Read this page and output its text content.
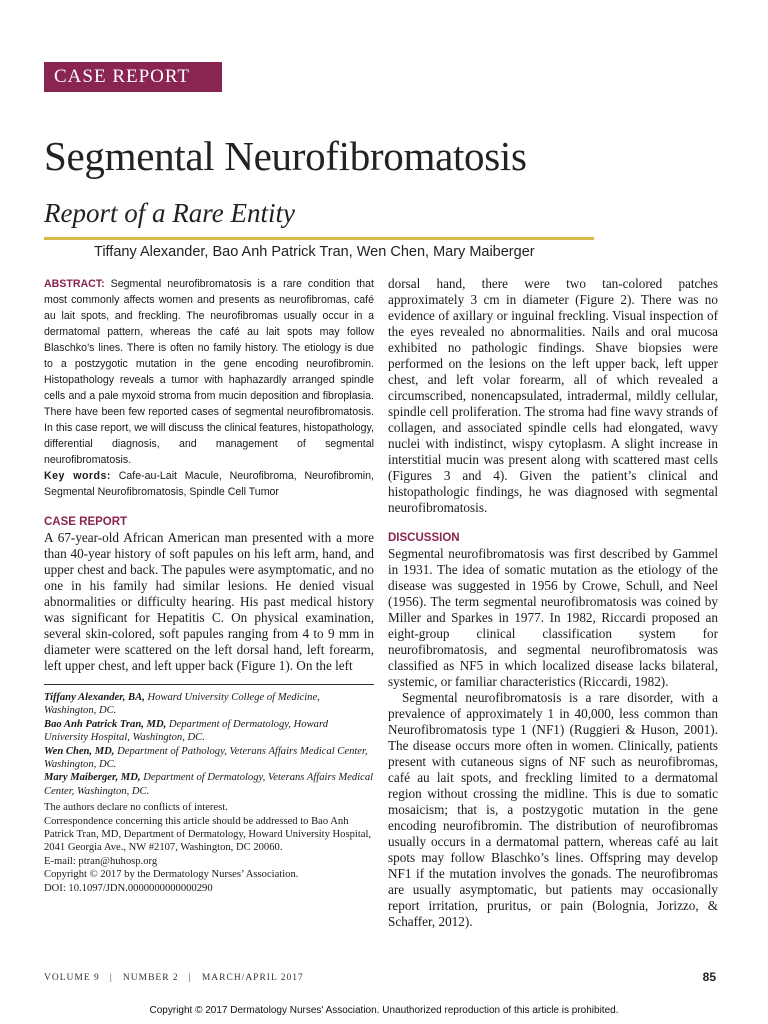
CASE REPORT
Segmental Neurofibromatosis
Report of a Rare Entity
Tiffany Alexander, Bao Anh Patrick Tran, Wen Chen, Mary Maiberger

ABSTRACT: Segmental neurofibromatosis is a rare condition that most commonly affects women and presents as neurofibromas, café au lait spots, and freckling. The neurofibromas usually occur in a dermatomal pattern, whereas the café au lait spots may follow Blaschko’s lines. There is often no family history. The etiology is due to a postzygotic mutation in the gene encoding neurofibromin. Histopathology reveals a tumor with haphazardly arranged spindle cells and a pale myxoid stroma from mucin deposition and fibroplasia. There have been few reported cases of segmental neurofibromatosis. In this case report, we will discuss the clinical features, histopathology, differential diagnosis, and management of segmental neurofibromatosis.

Key words: Cafe-au-Lait Macule, Neurofibroma, Neurofibromin, Segmental Neurofibromatosis, Spindle Cell Tumor

CASE REPORT

A 67-year-old African American man presented with a more than 40-year history of soft papules on his left arm, hand, and upper chest and back. The papules were asymptomatic, and no one in his family had similar lesions. He denied visual abnormalities or difficulty hearing. His past medical history was significant for Hepatitis C. On physical examination, several skin-colored, soft papules ranging from 4 to 9 mm in diameter were scattered on the left dorsal hand, left forearm, left upper chest, and left upper back (Figure 1). On the left

Tiffany Alexander, BA, Howard University College of Medicine, Washington, DC.

Bao Anh Patrick Tran, MD, Department of Dermatology, Howard University Hospital, Washington, DC.

Wen Chen, MD, Department of Pathology, Veterans Affairs Medical Center, Washington, DC.

Mary Maiberger, MD, Department of Dermatology, Veterans Affairs Medical Center, Washington, DC.

The authors declare no conflicts of interest.

Correspondence concerning this article should be addressed to Bao Anh Patrick Tran, MD, Department of Dermatology, Howard University Hospital, 2041 Georgia Ave., NW #2107, Washington, DC 20060.

E-mail: ptran@huhosp.org

Copyright © 2017 by the Dermatology Nurses’ Association.

DOI: 10.1097/JDN.0000000000000290

dorsal hand, there were two tan-colored patches approximately 3 cm in diameter (Figure 2). There was no evidence of axillary or inguinal freckling. Visual inspection of the eyes revealed no abnormalities. Nails and oral mucosa exhibited no pathologic findings. Shave biopsies were performed on the lesions on the left upper back, left upper chest, and left volar forearm, all of which revealed a circumscribed, nonencapsulated, intradermal, mildly cellular, spindle cell proliferation. The stroma had fine wavy strands of collagen, and associated spindle cells had elongated, wavy nuclei with indistinct, wispy cytoplasm. A slight increase in interstitial mucin was present along with scattered mast cells (Figures 3 and 4). Given the patient’s clinical and histopathologic findings, he was diagnosed with segmental neurofibromatosis.

DISCUSSION

Segmental neurofibromatosis was first described by Gammel in 1931. The idea of somatic mutation as the etiology of the disease was suggested in 1956 by Crowe, Schull, and Neel (1956). The term segmental neurofibromatosis was coined by Miller and Sparkes in 1977. In 1982, Riccardi proposed an eight-group clinical classification system for neurofibromatosis, and segmental neurofibromatosis was classified as NF5 in which localized disease lacks bilateral, systemic, or familiar characteristics (Riccardi, 1982).

Segmental neurofibromatosis is a rare disorder, with a prevalence of approximately 1 in 40,000, less common than Neurofibromatosis type 1 (NF1) (Ruggieri & Huson, 2001). The disease occurs more often in women. Clinically, patients present with cutaneous signs of NF such as neurofibromas, café au lait spots, and freckling limited to a dermatomal region without crossing the midline. This is due to somatic mosaicism; that is, a postzygotic mutation in the gene encoding neurofibromin. The distribution of neurofibromas usually occurs in a dermatomal pattern, whereas café au lait spots may follow Blaschko’s lines. Offspring may develop NF1 if the mutation involves the gonads. The neurofibromas are usually asymptomatic, but patients may occasionally report irritation, pruritus, or pain (Bolognia, Jorizzo, & Schaffer, 2012).

VOLUME 9   |   NUMBER 2   |   MARCH/APRIL 2017	85
Copyright © 2017 Dermatology Nurses' Association. Unauthorized reproduction of this article is prohibited.
